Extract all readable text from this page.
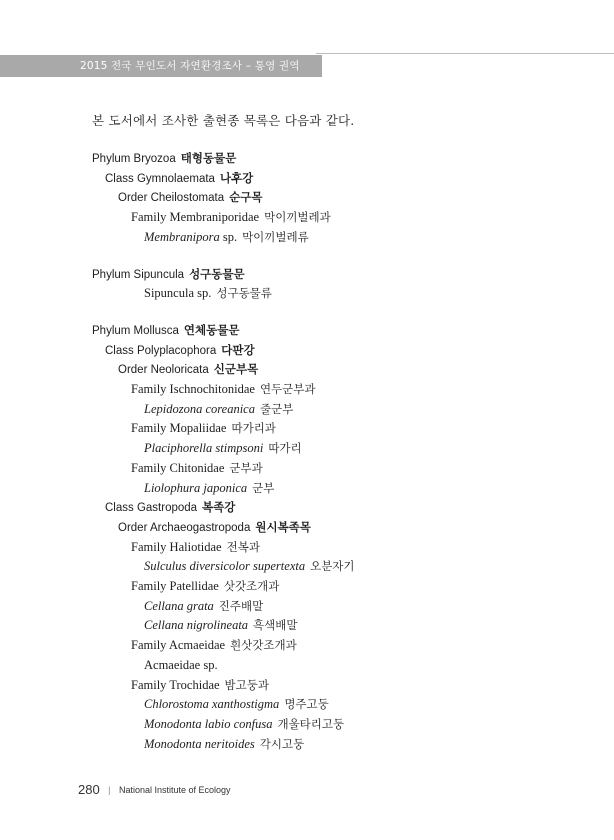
2015 전국 무인도서 자연환경조사 – 통영 권역
본 도서에서 조사한 출현종 목록은 다음과 같다.
Phylum Bryozoa 태형동물문
Class Gymnolaemata 나후강
Order Cheilostomata 순구목
Family Membraniporidae 막이끼벌레과
Membranipora sp. 막이끼벌레류
Phylum Sipuncula 성구동물문
Sipuncula sp. 성구동물류
Phylum Mollusca 연체동물문
Class Polyplacophora 다판강
Order Neoloricata 신군부목
Family Ischnochitonidae 연두군부과
Lepidozona coreanica 줄군부
Family Mopaliidae 따가리과
Placiphorella stimpsoni 따가리
Family Chitonidae 군부과
Liolophura japonica 군부
Class Gastropoda 복족강
Order Archaeogastropoda 원시복족목
Family Haliotidae 전복과
Sulculus diversicolor supertexta 오분자기
Family Patellidae 삿갓조개과
Cellana grata 진주배말
Cellana nigrolineata 흑색배말
Family Acmaeidae 흰삿갓조개과
Acmaeidae sp.
Family Trochidae 밤고둥과
Chlorostoma xanthostigma 명주고둥
Monodonta labio confusa 개울타리고둥
Monodonta neritoides 각시고둥
280 | National Institute of Ecology
